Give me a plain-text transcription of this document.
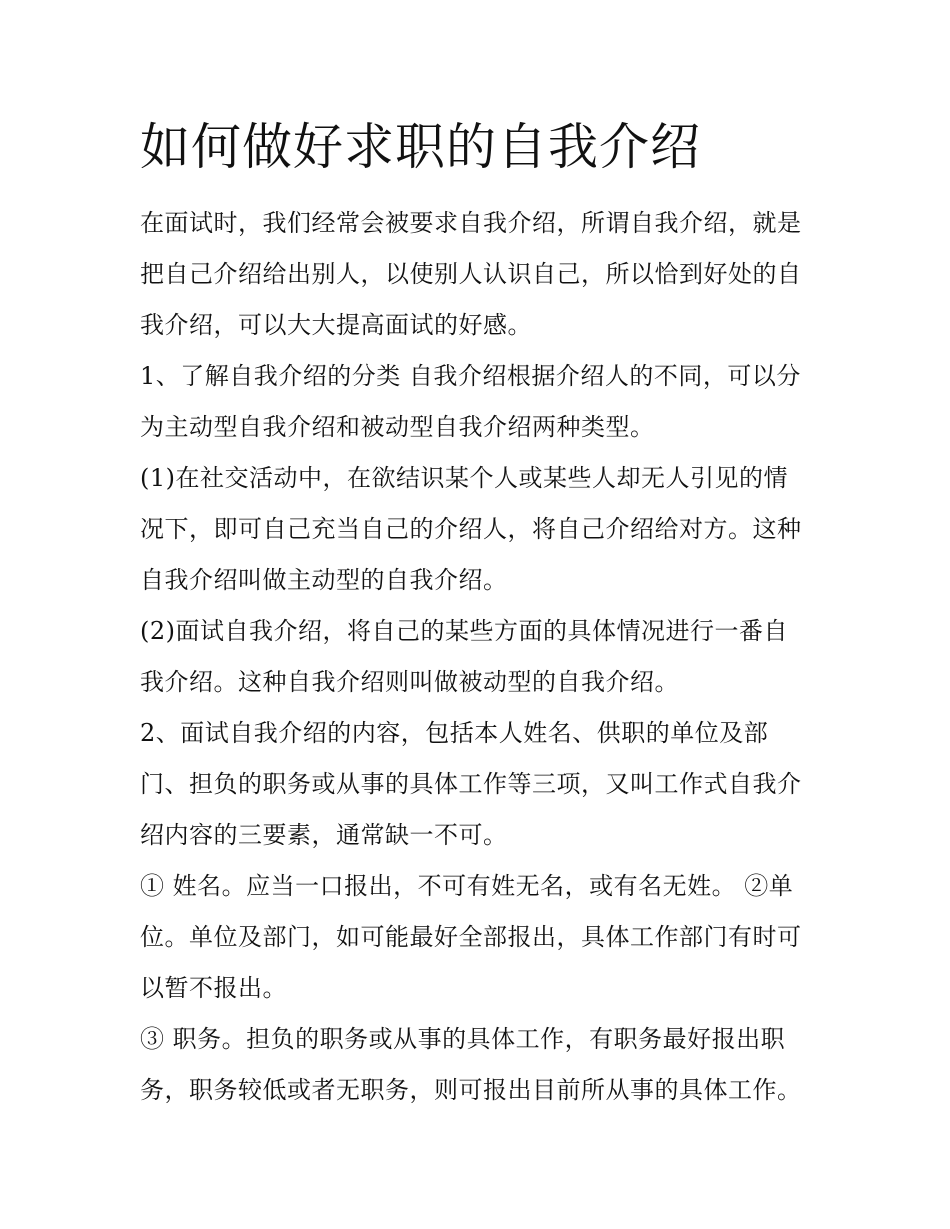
如何做好求职的自我介绍

在面试时，我们经常会被要求自我介绍，所谓自我介绍，就是
把自己介绍给出别人，以使别人认识自己，所以恰到好处的自
我介绍，可以大大提高面试的好感。

1、了解自我介绍的分类 自我介绍根据介绍人的不同，可以分
为主动型自我介绍和被动型自我介绍两种类型。

(1)在社交活动中，在欲结识某个人或某些人却无人引见的情
况下，即可自己充当自己的介绍人，将自己介绍给对方。这种
自我介绍叫做主动型的自我介绍。

(2)面试自我介绍，将自己的某些方面的具体情况进行一番自
我介绍。这种自我介绍则叫做被动型的自我介绍。

2、面试自我介绍的内容，包括本人姓名、供职的单位及部
门、担负的职务或从事的具体工作等三项，又叫工作式自我介
绍内容的三要素，通常缺一不可。

① 姓名。应当一口报出，不可有姓无名，或有名无姓。 ②单
位。单位及部门，如可能最好全部报出，具体工作部门有时可
以暂不报出。

③ 职务。担负的职务或从事的具体工作，有职务最好报出职
务，职务较低或者无职务，则可报出目前所从事的具体工作。
